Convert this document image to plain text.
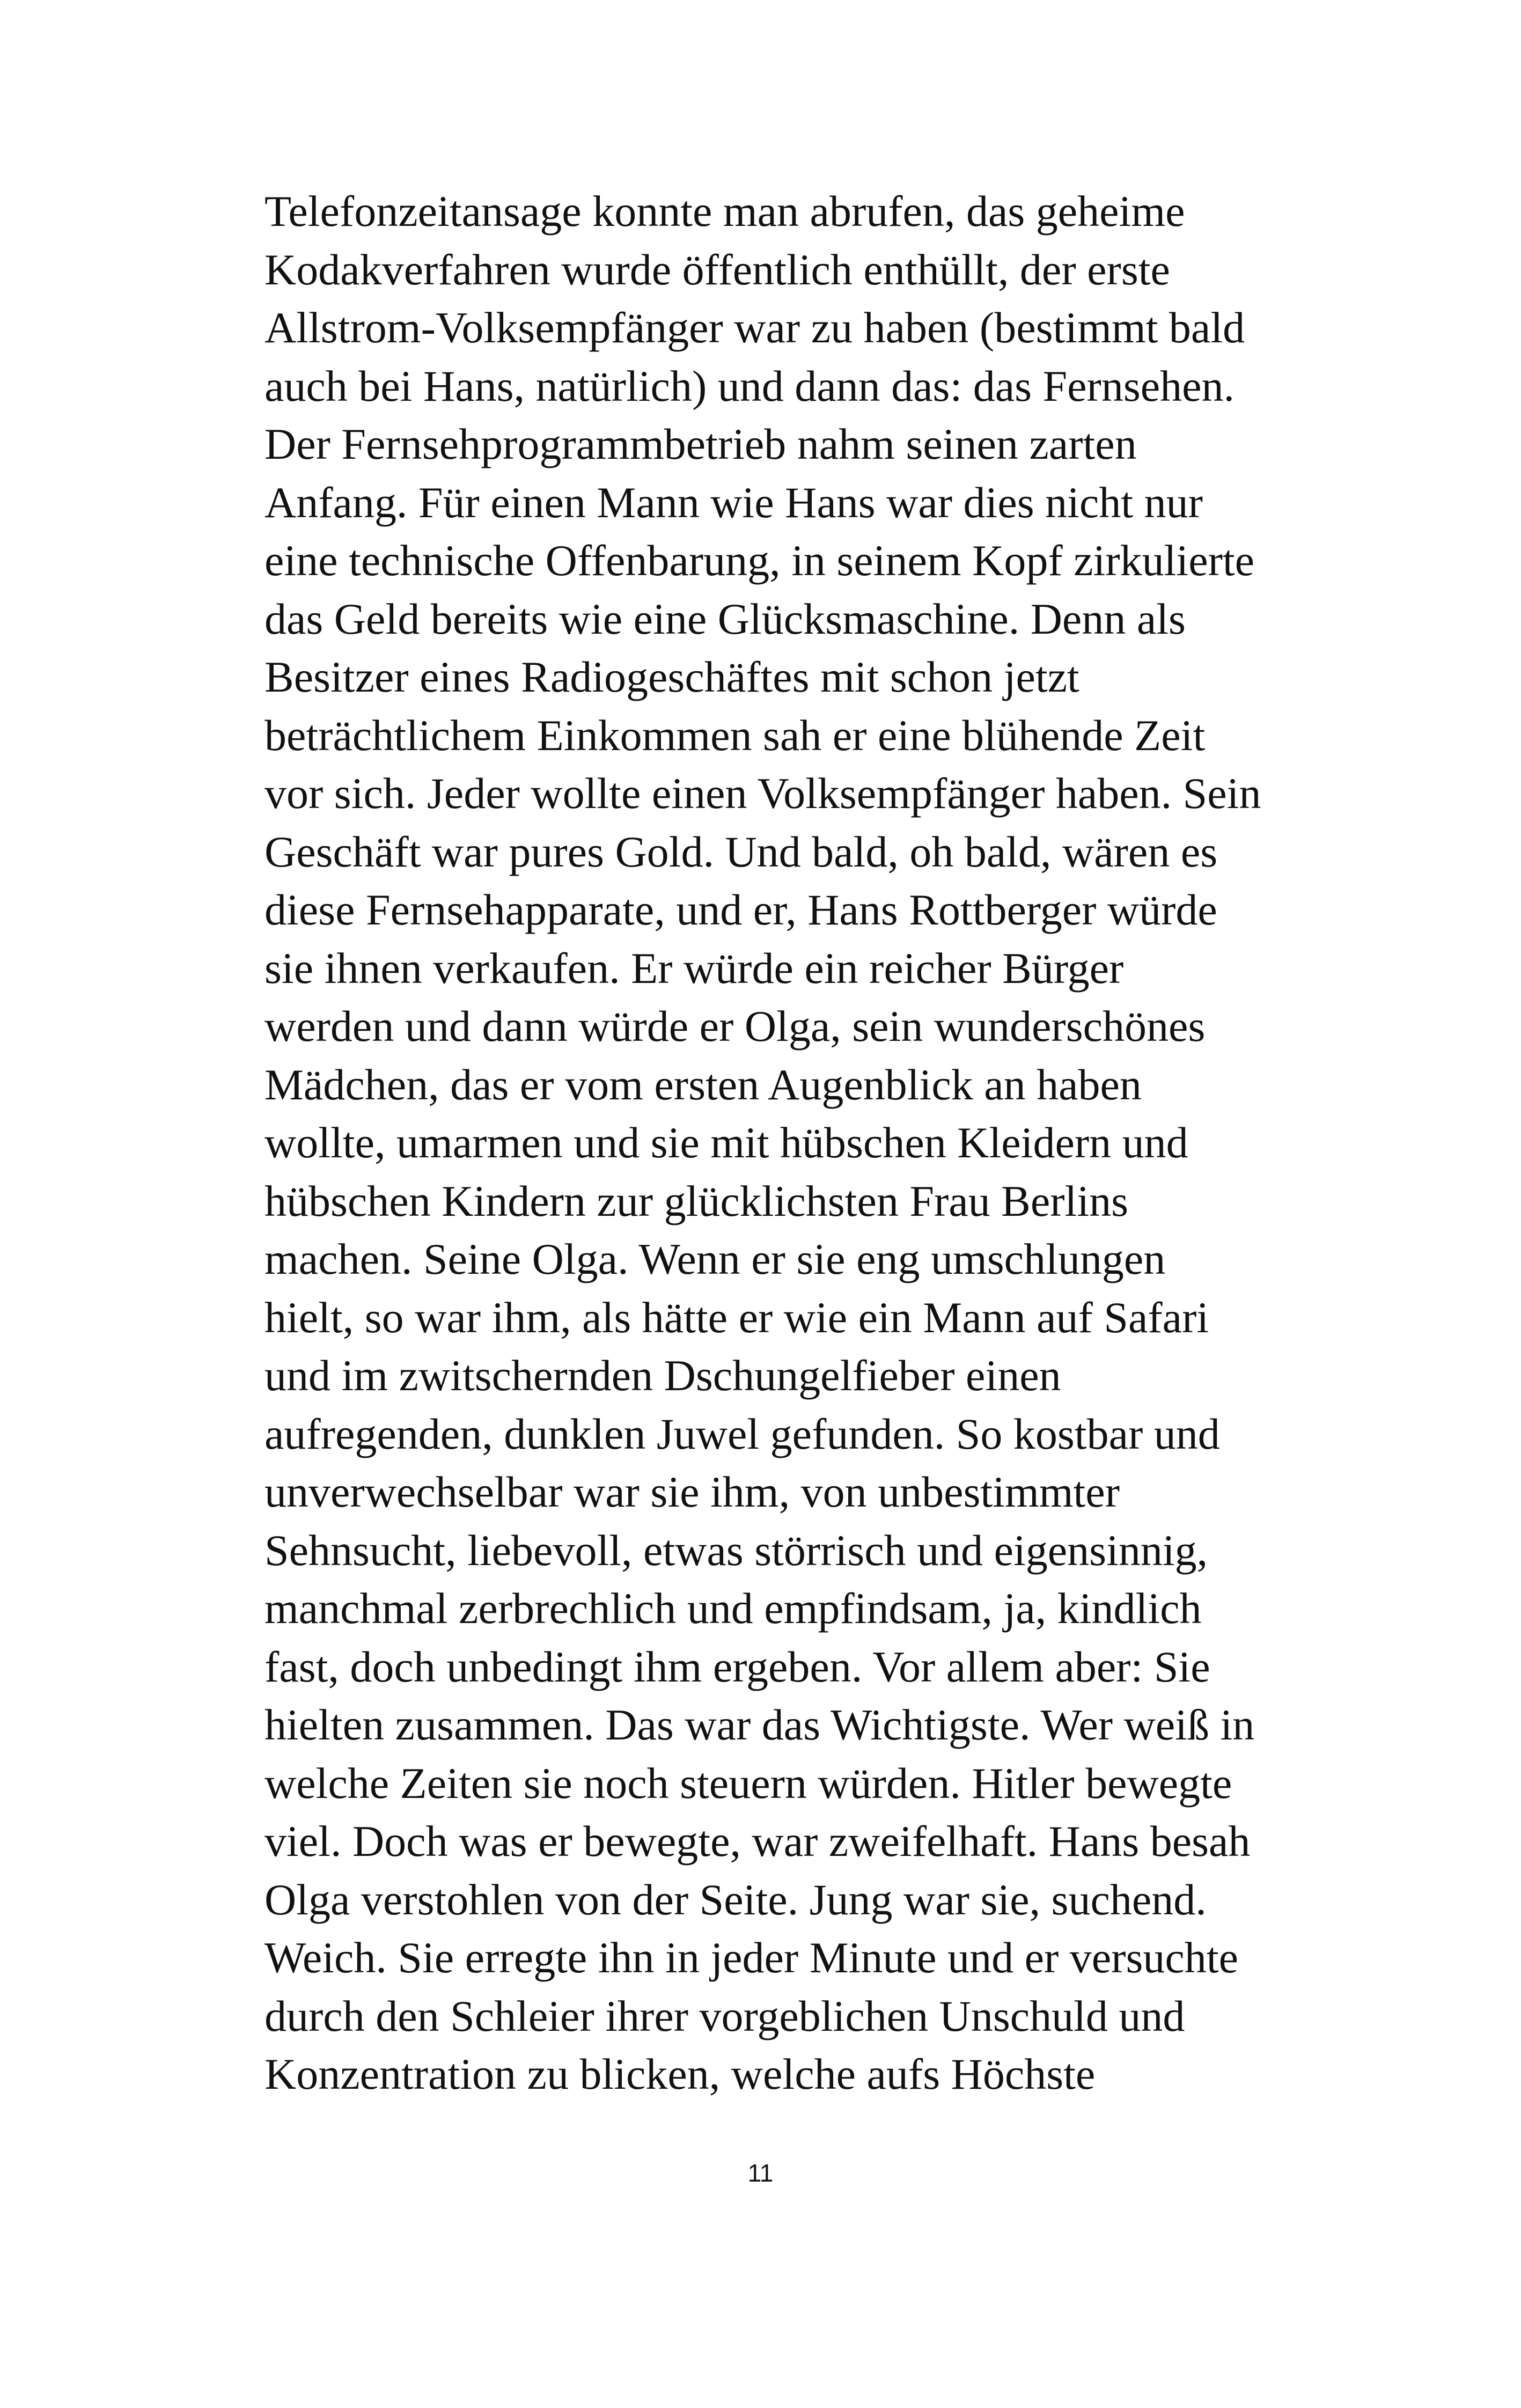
Telefonzeitansage konnte man abrufen, das geheime
Kodakverfahren wurde öffentlich enthüllt, der erste
Allstrom-Volksempfänger war zu haben (bestimmt bald
auch bei Hans, natürlich) und dann das: das Fernsehen.
Der Fernsehprogrammbetrieb nahm seinen zarten
Anfang. Für einen Mann wie Hans war dies nicht nur
eine technische Offenbarung, in seinem Kopf zirkulierte
das Geld bereits wie eine Glücksmaschine. Denn als
Besitzer eines Radiogeschäftes mit schon jetzt
beträchtlichem Einkommen sah er eine blühende Zeit
vor sich. Jeder wollte einen Volksempfänger haben. Sein
Geschäft war pures Gold. Und bald, oh bald, wären es
diese Fernsehapparate, und er, Hans Rottberger würde
sie ihnen verkaufen. Er würde ein reicher Bürger
werden und dann würde er Olga, sein wunderschönes
Mädchen, das er vom ersten Augenblick an haben
wollte, umarmen und sie mit hübschen Kleidern und
hübschen Kindern zur glücklichsten Frau Berlins
machen. Seine Olga. Wenn er sie eng umschlungen
hielt, so war ihm, als hätte er wie ein Mann auf Safari
und im zwitschernden Dschungelfieber einen
aufregenden, dunklen Juwel gefunden. So kostbar und
unverwechselbar war sie ihm, von unbestimmter
Sehnsucht, liebevoll, etwas störrisch und eigensinnig,
manchmal zerbrechlich und empfindsam, ja, kindlich
fast, doch unbedingt ihm ergeben. Vor allem aber: Sie
hielten zusammen. Das war das Wichtigste. Wer weiß in
welche Zeiten sie noch steuern würden. Hitler bewegte
viel. Doch was er bewegte, war zweifelhaft. Hans besah
Olga verstohlen von der Seite. Jung war sie, suchend.
Weich. Sie erregte ihn in jeder Minute und er versuchte
durch den Schleier ihrer vorgeblichen Unschuld und
Konzentration zu blicken, welche aufs Höchste
11
